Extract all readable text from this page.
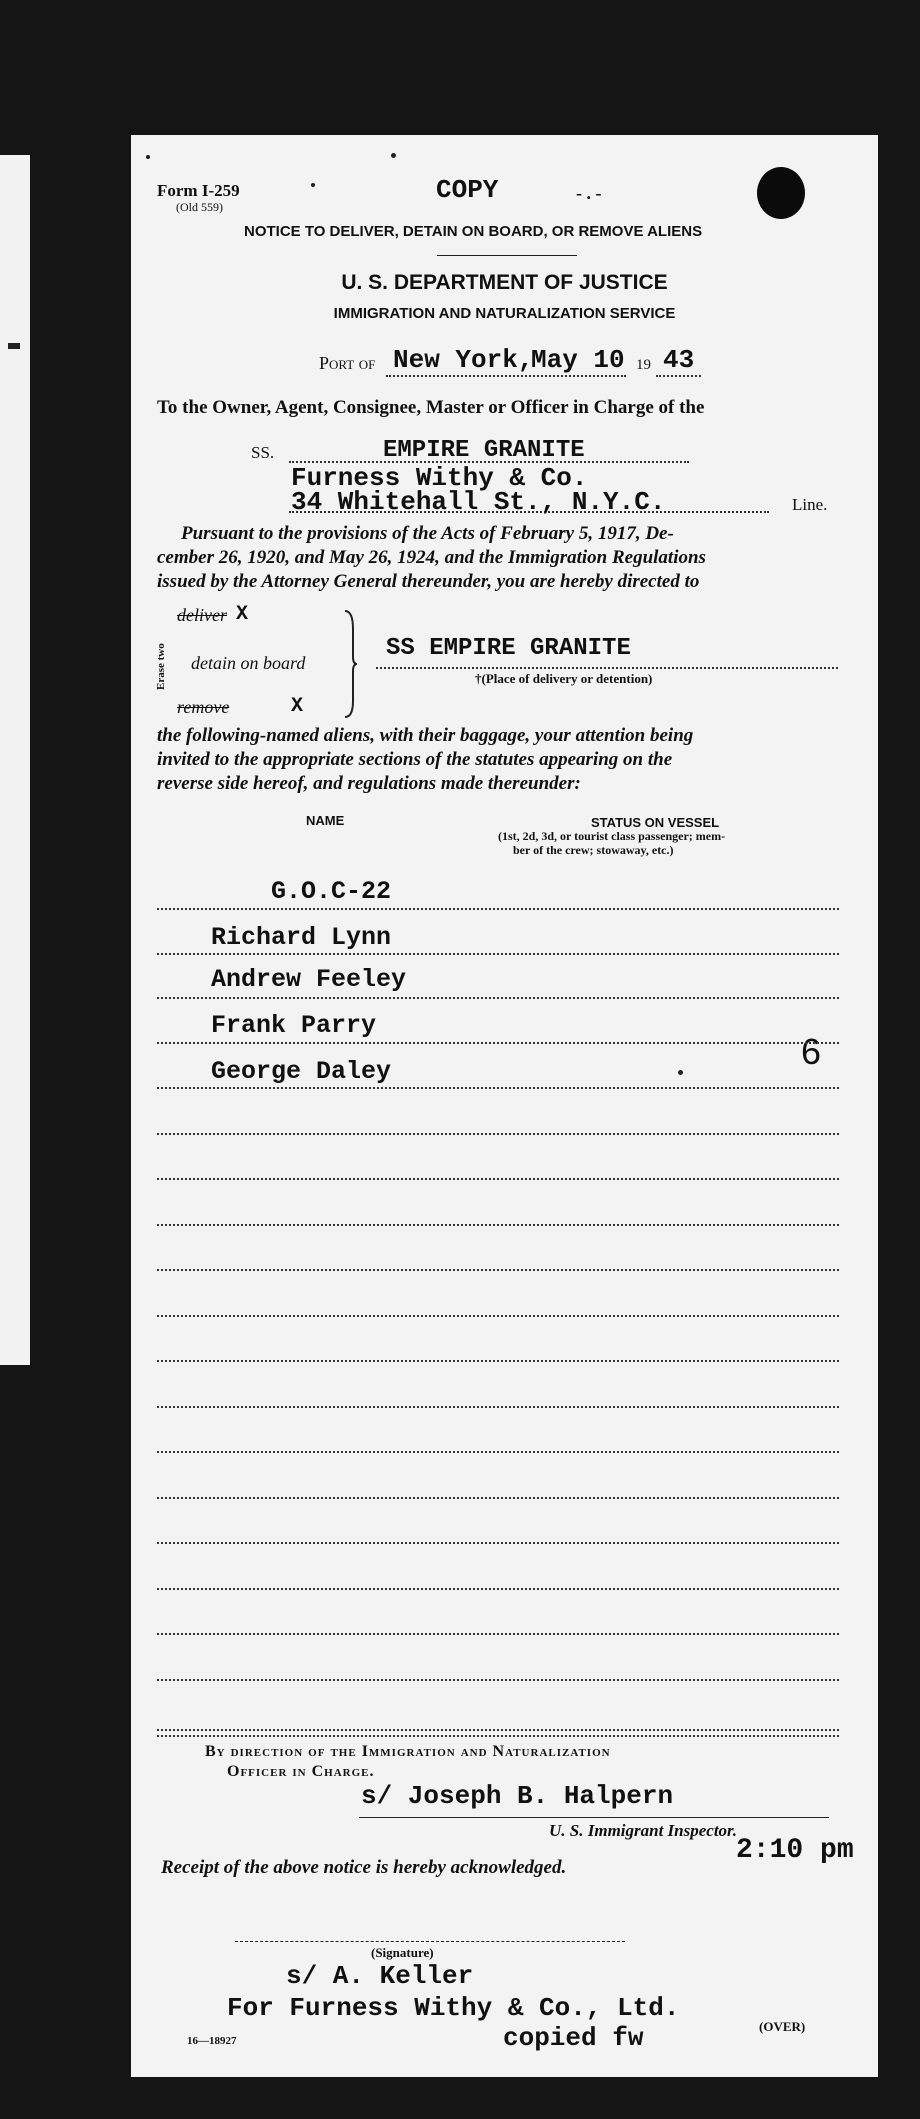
Form I-259
(Old 559)
COPY	- . -
NOTICE TO DELIVER, DETAIN ON BOARD, OR REMOVE ALIENS
U. S. DEPARTMENT OF JUSTICE
IMMIGRATION AND NATURALIZATION SERVICE
Port of New York,
May 10 19 43
To the Owner, Agent, Consignee, Master or Officer in Charge of the
SS.	EMPIRE GRANITE
Furness Withy & Co.
34 Whitehall St., N.Y.C.	Line.
Pursuant to the provisions of the Acts of February 5, 1917, De-
cember 26, 1920, and May 26, 1924, and the Immigration Regulations
issued by the Attorney General thereunder, you are hereby directed to
Erase two
deliver X
detain on board
remove	X
SS EMPIRE GRANITE
†(Place of delivery or detention)
the following-named aliens, with their baggage, your attention being
invited to the appropriate sections of the statutes appearing on the
reverse side hereof, and regulations made thereunder:
NAME	STATUS ON VESSEL
(1st, 2d, 3d, or tourist class passenger; mem-
ber of the crew; stowaway, etc.)
G.O.C-22
Richard Lynn
Andrew Feeley
Frank Parry
George Daley	6
By direction of the Immigration and Naturalization
Officer in Charge.
s/ Joseph B. Halpern
U. S. Immigrant Inspector.
2:10 pm
Receipt of the above notice is hereby acknowledged.
(Signature)
s/ A. Keller
For Furness Withy & Co., Ltd.
copied fw
16—18927
(OVER)
